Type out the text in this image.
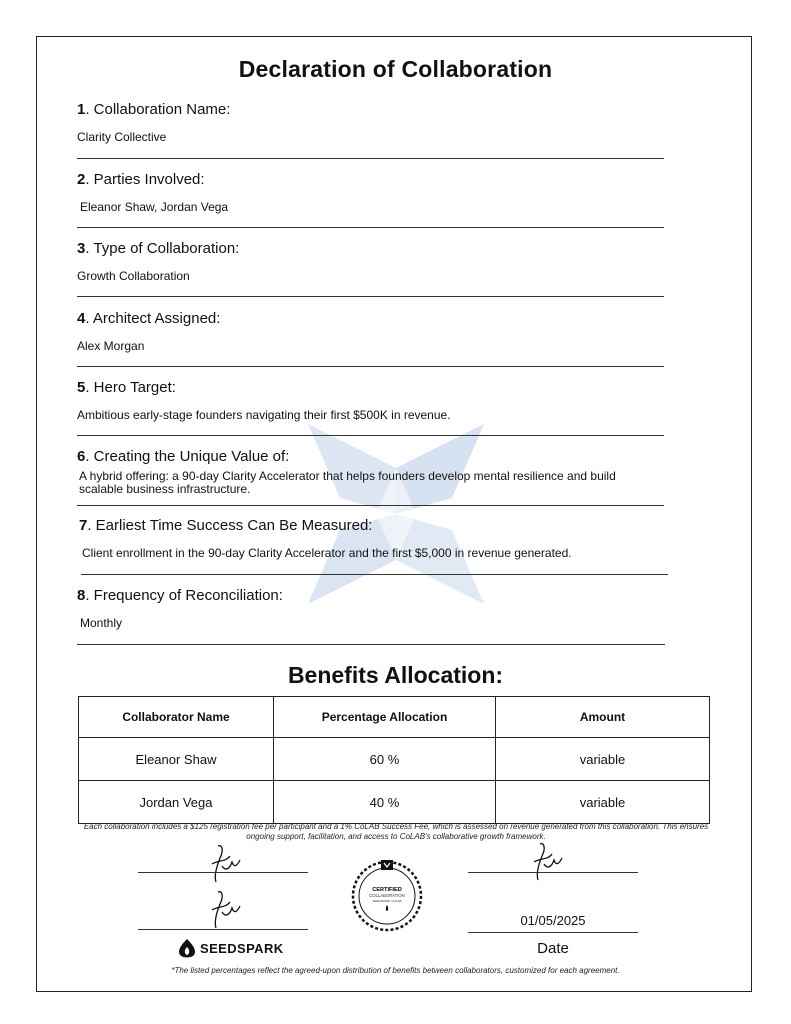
Declaration of Collaboration
1. Collaboration Name:
Clarity Collective
2. Parties Involved:
Eleanor Shaw, Jordan Vega
3. Type of Collaboration:
Growth Collaboration
4. Architect Assigned:
Alex Morgan
5. Hero Target:
Ambitious early-stage founders navigating their first $500K in revenue.
6. Creating the Unique Value of:
A hybrid offering: a 90-day Clarity Accelerator that helps founders develop mental resilience and build scalable business infrastructure.
7. Earliest Time Success Can Be Measured:
Client enrollment in the 90-day Clarity Accelerator and the first $5,000 in revenue generated.
8. Frequency of Reconciliation:
Monthly
Benefits Allocation:
Collaborator Name	Percentage Allocation	Amount
Eleanor Shaw	60 %	variable
Jordan Vega	40 %	variable
Each collaboration includes a $125 registration fee per participant and a 1% CoLAB Success Fee, which is assessed on revenue generated from this collaboration. This ensures ongoing support, facilitation, and access to CoLAB's collaborative growth framework.
CERTIFIED
COLLABORATION
SEEDSPARK COLAB
01/05/2025
Date
SEEDSPARK
*The listed percentages reflect the agreed-upon distribution of benefits between collaborators, customized for each agreement.
